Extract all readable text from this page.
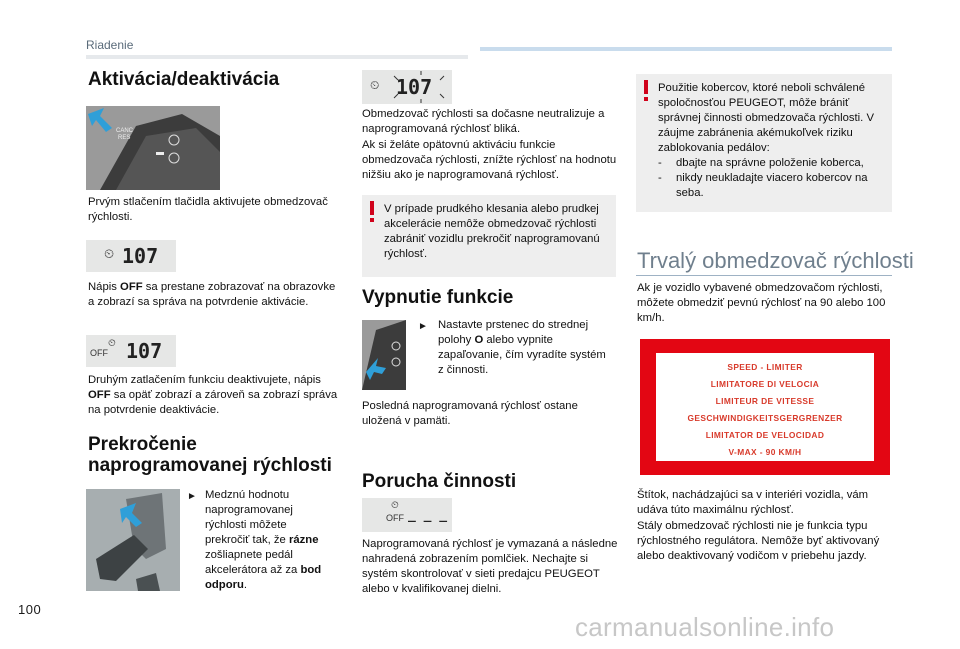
Riadenie
Aktivácia/deaktivácia
CANC
RES
Prvým stlačením tlačidla aktivujete obmedzovač rýchlosti.
⏲ 107
Nápis OFF sa prestane zobrazovať na obrazovke a zobrazí sa správa na potvrdenie aktivácie.
OFF
⏲ 107
Druhým zatlačením funkciu deaktivujete, nápis
OFF sa opäť zobrazí a zároveň sa zobrazí správa na potvrdenie deaktivácie.
Prekročenie
naprogramovanej rýchlosti
► Medznú hodnotu naprogramovanej rýchlosti môžete prekročiť tak, že rázne zošliapnete pedál akcelerátora až za bod odporu.
⏲ 107
Obmedzovač rýchlosti sa dočasne neutralizuje a naprogramovaná rýchlosť bliká.
Ak si želáte opätovnú aktiváciu funkcie obmedzovača rýchlosti, znížte rýchlosť na hodnotu nižšiu ako je naprogramovaná rýchlosť.
V prípade prudkého klesania alebo prudkej akcelerácie nemôže obmedzovač rýchlosti zabrániť vozidlu prekročiť naprogramovanú rýchlosť.
Vypnutie funkcie
► Nastavte prstenec do strednej polohy O alebo vypnite zapaľovanie, čím vyradíte systém z činnosti.
Posledná naprogramovaná rýchlosť ostane uložená v pamäti.
Porucha činnosti
OFF
⏲
_ _ _
Naprogramovaná rýchlosť je vymazaná a následne nahradená zobrazením pomlčiek. Nechajte si systém skontrolovať v sieti predajcu PEUGEOT alebo v kvalifikovanej dielni.
Použitie kobercov, ktoré neboli schválené spoločnosťou PEUGEOT, môže brániť správnej činnosti obmedzovača rýchlosti. V záujme zabránenia akémukoľvek riziku zablokovania pedálov:
-	dbajte na správne položenie koberca,
-	nikdy neukladajte viacero kobercov na seba.
Trvalý obmedzovač rýchlosti
Ak je vozidlo vybavené obmedzovačom rýchlosti, môžete obmedziť pevnú rýchlosť na 90 alebo 100 km/h.
SPEED - LIMITER
LIMITATORE DI VELOCIA
LIMITEUR DE VITESSE
GESCHWINDIGKEITSGERGRENZER
LIMITATOR DE VELOCIDAD
V-MAX - 90 KM/H
Štítok, nachádzajúci sa v interiéri vozidla, vám udáva túto maximálnu rýchlosť.
Stály obmedzovač rýchlosti nie je funkcia typu rýchlostného regulátora. Nemôže byť aktivovaný alebo deaktivovaný vodičom v priebehu jazdy.
100
carmanualsonline.info
